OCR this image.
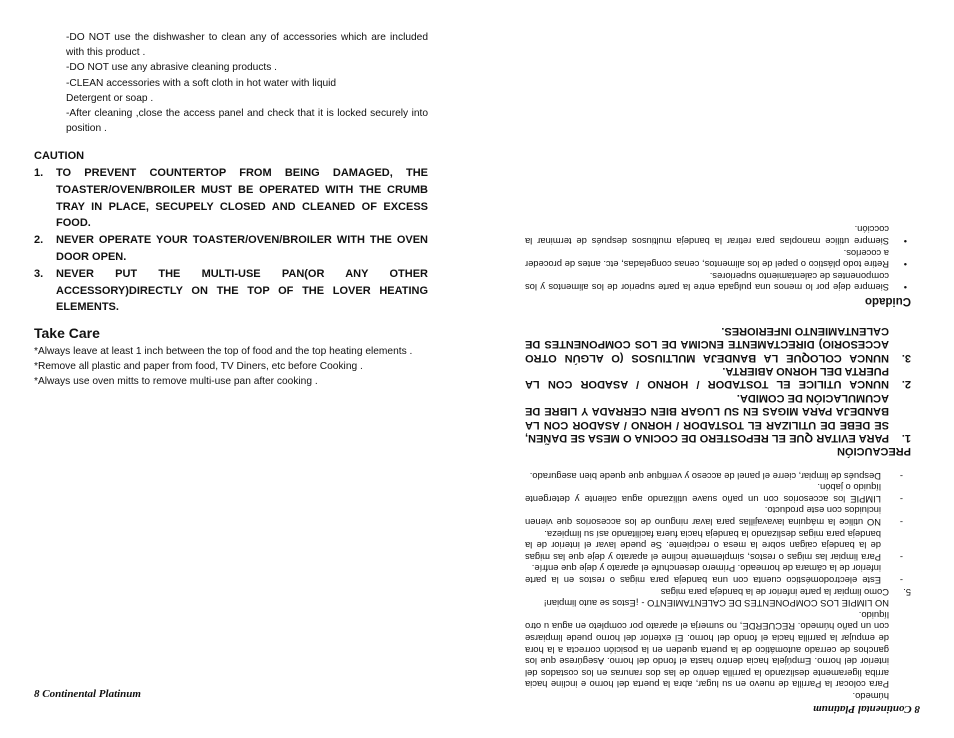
-DO NOT use the dishwasher to clean any of accessories which are included with this product .

-DO NOT use any abrasive cleaning products .

-CLEAN accessories with a soft cloth in hot water with liquid

Detergent or soap .

-After cleaning ,close the access panel and check that it is locked securely into position .

CAUTION
1.	TO PREVENT COUNTERTOP FROM BEING DAMAGED, THE TOASTER/OVEN/BROILER MUST BE OPERATED WITH THE CRUMB TRAY IN PLACE, SECUPELY CLOSED AND CLEANED OF EXCESS FOOD.
2.	NEVER OPERATE YOUR TOASTER/OVEN/BROILER WITH THE OVEN DOOR OPEN.
3.	NEVER PUT THE MULTI-USE PAN(OR ANY OTHER ACCESSORY)DIRECTLY ON THE TOP OF THE LOVER HEATING ELEMENTS.
Take Care

*Always leave at least 1 inch between the top of food and the top heating elements .

*Remove all plastic and paper from food, TV Diners, etc before Cooking .

*Always use oven mitts to remove multi-use pan after cooking .

8 Continental Platinum
8 Continental Platinum

húmedo.

Para colocar la Parrilla de nuevo en su lugar, abra la puerta del horno e incline hacia arriba ligeramente deslizando la parrilla dentro de las dos ranuras en los costados del interior del horno. Empújela hacia dentro hasta el fondo del horno. Asegúrese que los ganchos de cerrado automático de la puerta queden en la posición correcta a la hora de empujar la parrilla hacia el fondo del horno. El exterior del horno puede limpiarse con un paño húmedo. RECUERDE, no sumerja el aparato por completo en agua u otro líquido.

NO LIMPIE LOS COMPONENTES DE CALENTAMIENTO - ¡Estos se auto limpian!

5.
Como limpiar la parte inferior de la bandeja para migas
-
Este electrodoméstico cuenta con una bandeja para migas o restos en la parte inferior de la cámara de horneado. Primero desenchufe el aparato y deje que enfríe.
-
Para limpiar las migas o restos, simplemente incline el aparato y deje que las migas de la bandeja caigan sobre la mesa o recipiente. Se puede lavar el interior de la bandeja para migas deslizando la bandeja hacia fuera facilitando así su limpieza.
-
NO utilice la máquina lavavajillas para lavar ninguno de los accesorios que vienen incluidos con este producto.
-
LIMPIE los accesorios con un paño suave utilizando agua caliente y detergente líquido o jabón.
-
Después de limpiar, cierre el panel de acceso y verifique que quede bien asegurado.

PRECAUCIÓN

1.
PARA EVITAR QUE EL REPOSTERO DE COCINA O MESA SE DAÑEN, SE DEBE DE UTILIZAR EL TOSTADOR / HORNO / ASADOR CON LA BANDEJA PARA MIGAS EN SU LUGAR BIEN CERRADA Y LIBRE DE ACUMULACIÓN DE COMIDA.
2.
NUNCA UTILICE EL TOSTADOR / HORNO / ASADOR CON LA PUERTA DEL HORNO ABIERTA.
3.
NUNCA COLOQUE LA BANDEJA MULTIUSOS (O ALGÚN OTRO ACCESORIO) DIRECTAMENTE ENCIMA DE LOS COMPONENTES DE CALENTAMIENTO INFERIORES.

Cuidado

•
Siempre deje por lo menos una pulgada entre la parte superior de los alimentos y los componentes de calentamiento superiores.
•
Retire todo plástico o papel de los alimentos, cenas congeladas, etc. antes de proceder a cocerlos.
•
Siempre utilice manoplas para retirar la bandeja multiusos después de terminar la cocción.
